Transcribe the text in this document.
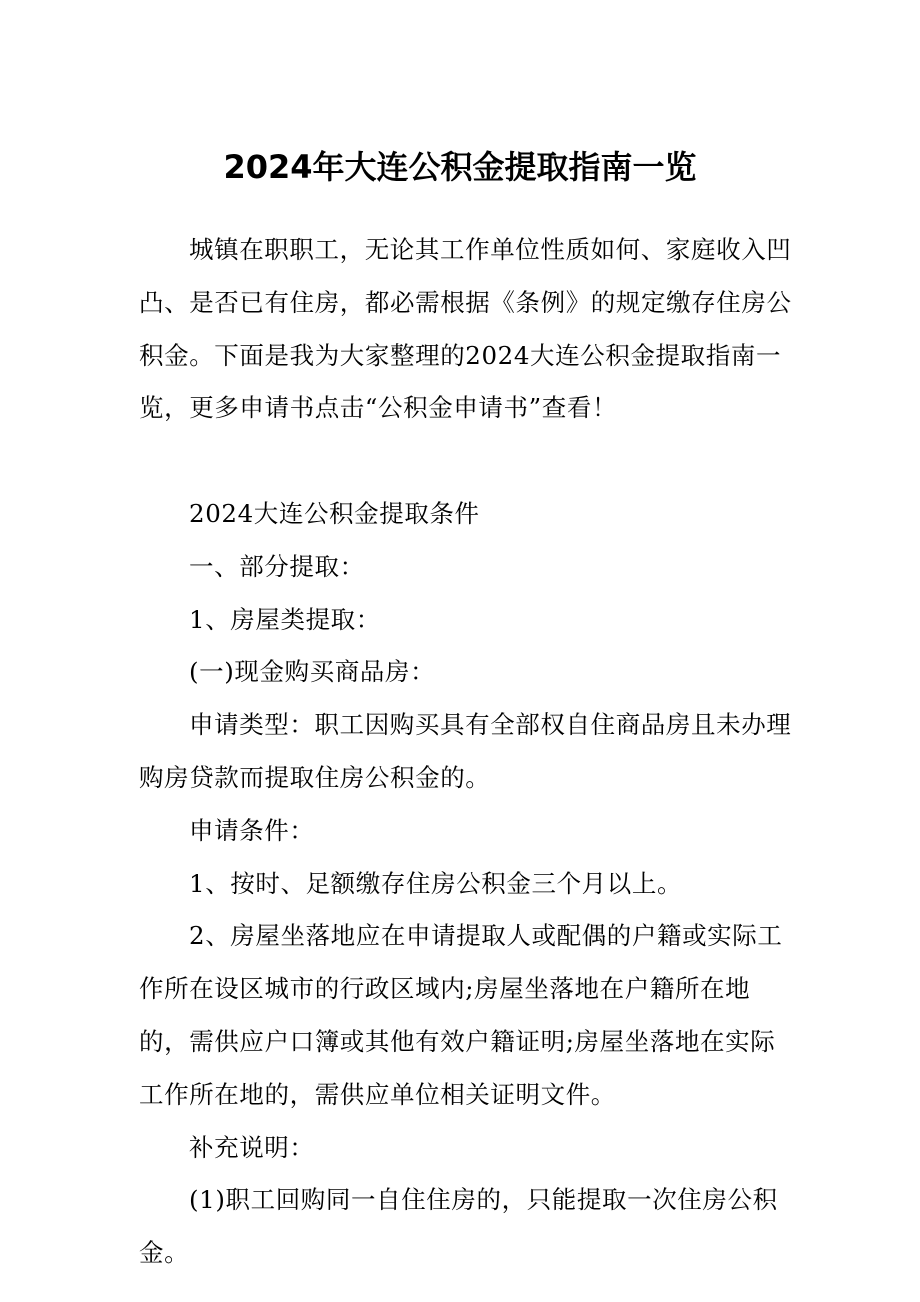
2024年大连公积金提取指南一览

城镇在职职工，无论其工作单位性质如何、家庭收入凹凸、是否已有住房，都必需根据《条例》的规定缴存住房公积金。下面是我为大家整理的2024大连公积金提取指南一览，更多申请书点击“公积金申请书”查看！

2024大连公积金提取条件

一、部分提取：

1、房屋类提取：

(一)现金购买商品房：

申请类型：职工因购买具有全部权自住商品房且未办理购房贷款而提取住房公积金的。

申请条件：

1、按时、足额缴存住房公积金三个月以上。

2、房屋坐落地应在申请提取人或配偶的户籍或实际工作所在设区城市的行政区域内;房屋坐落地在户籍所在地的，需供应户口簿或其他有效户籍证明;房屋坐落地在实际工作所在地的，需供应单位相关证明文件。

补充说明：

(1)职工回购同一自住住房的，只能提取一次住房公积金。
